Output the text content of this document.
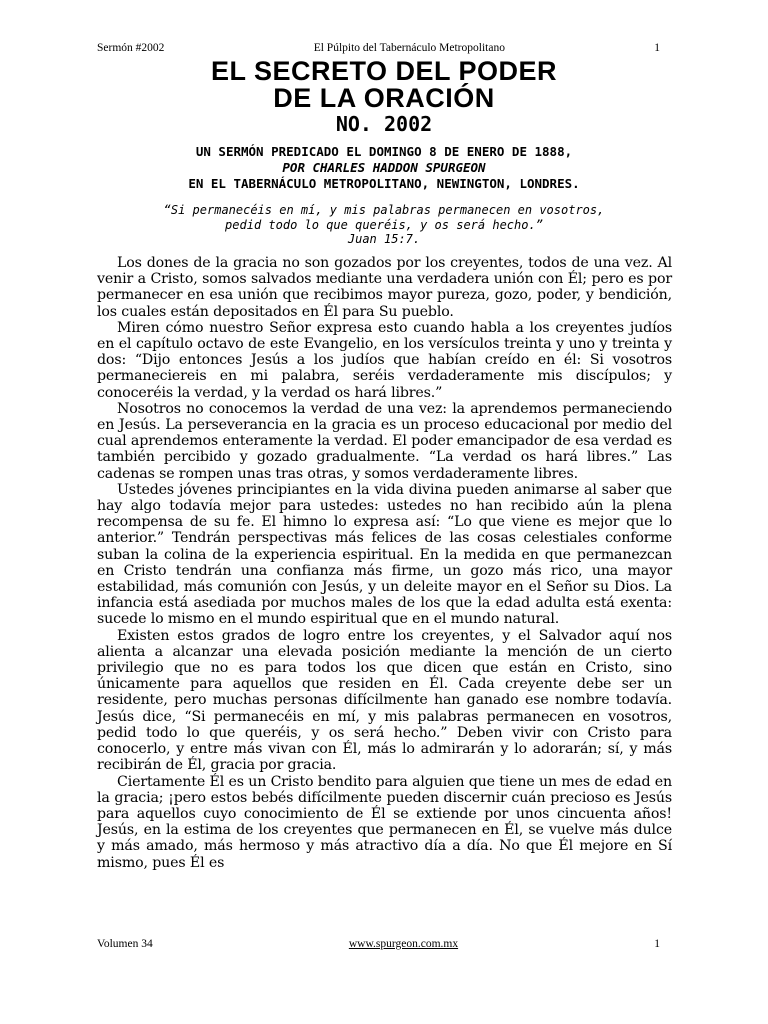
Sermón #2002	El Púlpito del Tabernáculo Metropolitano	1
EL SECRETO DEL PODER
DE LA ORACIÓN
NO. 2002
UN SERMÓN PREDICADO EL DOMINGO 8 DE ENERO DE 1888,
POR CHARLES HADDON SPURGEON
EN EL TABERNÁCULO METROPOLITANO, NEWINGTON, LONDRES.
“Si permanecéis en mí, y mis palabras permanecen en vosotros,
pedid todo lo que queréis, y os será hecho.”
Juan 15:7.

Los dones de la gracia no son gozados por los creyentes, todos de una vez. Al venir a Cristo, somos salvados mediante una verdadera unión con Él; pero es por permanecer en esa unión que recibimos mayor pureza, gozo, poder, y bendición, los cuales están depositados en Él para Su pueblo.

Miren cómo nuestro Señor expresa esto cuando habla a los creyentes judíos en el capítulo octavo de este Evangelio, en los versículos treinta y uno y treinta y dos: “Dijo entonces Jesús a los judíos que habían creído en él: Si vosotros permaneciereis en mi palabra, seréis verdaderamente mis discípulos; y conoceréis la verdad, y la verdad os hará libres.”

Nosotros no conocemos la verdad de una vez: la aprendemos permaneciendo en Jesús. La perseverancia en la gracia es un proceso educacional por medio del cual aprendemos enteramente la verdad. El poder emancipador de esa verdad es también percibido y gozado gradualmente. “La verdad os hará libres.” Las cadenas se rompen unas tras otras, y somos verdaderamente libres.

Ustedes jóvenes principiantes en la vida divina pueden animarse al saber que hay algo todavía mejor para ustedes: ustedes no han recibido aún la plena recompensa de su fe. El himno lo expresa así: “Lo que viene es mejor que lo anterior.” Tendrán perspectivas más felices de las cosas celestiales conforme suban la colina de la experiencia espiritual. En la medida en que permanezcan en Cristo tendrán una confianza más firme, un gozo más rico, una mayor estabilidad, más comunión con Jesús, y un deleite mayor en el Señor su Dios. La infancia está asediada por muchos males de los que la edad adulta está exenta: sucede lo mismo en el mundo espiritual que en el mundo natural.

Existen estos grados de logro entre los creyentes, y el Salvador aquí nos alienta a alcanzar una elevada posición mediante la mención de un cierto privilegio que no es para todos los que dicen que están en Cristo, sino únicamente para aquellos que residen en Él. Cada creyente debe ser un residente, pero muchas personas difícilmente han ganado ese nombre todavía. Jesús dice, “Si permanecéis en mí, y mis palabras permanecen en vosotros, pedid todo lo que queréis, y os será hecho.” Deben vivir con Cristo para conocerlo, y entre más vivan con Él, más lo admirarán y lo adorarán; sí, y más recibirán de Él, gracia por gracia.

Ciertamente Él es un Cristo bendito para alguien que tiene un mes de edad en la gracia; ¡pero estos bebés difícilmente pueden discernir cuán precioso es Jesús para aquellos cuyo conocimiento de Él se extiende por unos cincuenta años! Jesús, en la estima de los creyentes que permanecen en Él, se vuelve más dulce y más amado, más hermoso y más atractivo día a día. No que Él mejore en Sí mismo, pues Él es

Volumen 34	www.spurgeon.com.mx	1
